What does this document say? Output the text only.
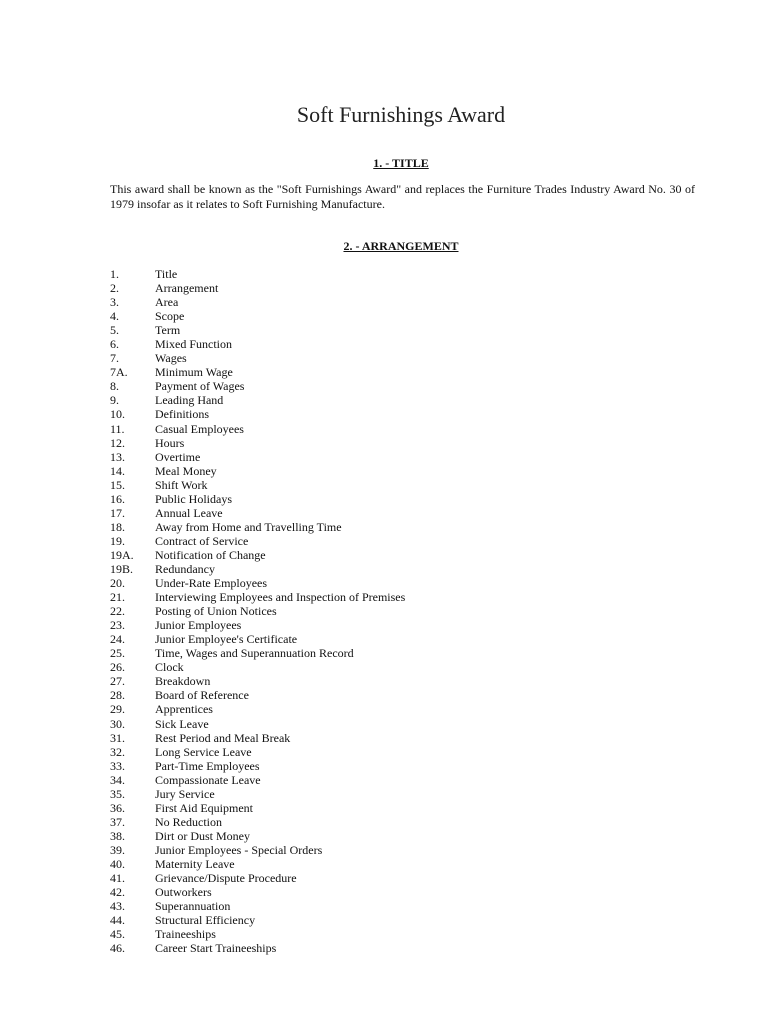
Soft Furnishings Award
1. - TITLE

This award shall be known as the "Soft Furnishings Award" and replaces the Furniture Trades Industry Award No. 30 of 1979 insofar as it relates to Soft Furnishing Manufacture.

2. - ARRANGEMENT
1.	Title
2.	Arrangement
3.	Area
4.	Scope
5.	Term
6.	Mixed Function
7.	Wages
7A. Minimum Wage
8.	Payment of Wages
9.	Leading Hand
10.	Definitions
11.	Casual Employees
12.	Hours
13.	Overtime
14.	Meal Money
15.	Shift Work
16.	Public Holidays
17.	Annual Leave
18.	Away from Home and Travelling Time
19.	Contract of Service
19A. Notification of Change
19B. Redundancy
20.	Under-Rate Employees
21.	Interviewing Employees and Inspection of Premises
22.	Posting of Union Notices
23.	Junior Employees
24.	Junior Employee's Certificate
25.	Time, Wages and Superannuation Record
26.	Clock
27.	Breakdown
28.	Board of Reference
29.	Apprentices
30.	Sick Leave
31.	Rest Period and Meal Break
32.	Long Service Leave
33.	Part-Time Employees
34.	Compassionate Leave
35.	Jury Service
36.	First Aid Equipment
37.	No Reduction
38.	Dirt or Dust Money
39.	Junior Employees - Special Orders
40.	Maternity Leave
41.	Grievance/Dispute Procedure
42.	Outworkers
43.	Superannuation
44.	Structural Efficiency
45.	Traineeships
46.	Career Start Traineeships
